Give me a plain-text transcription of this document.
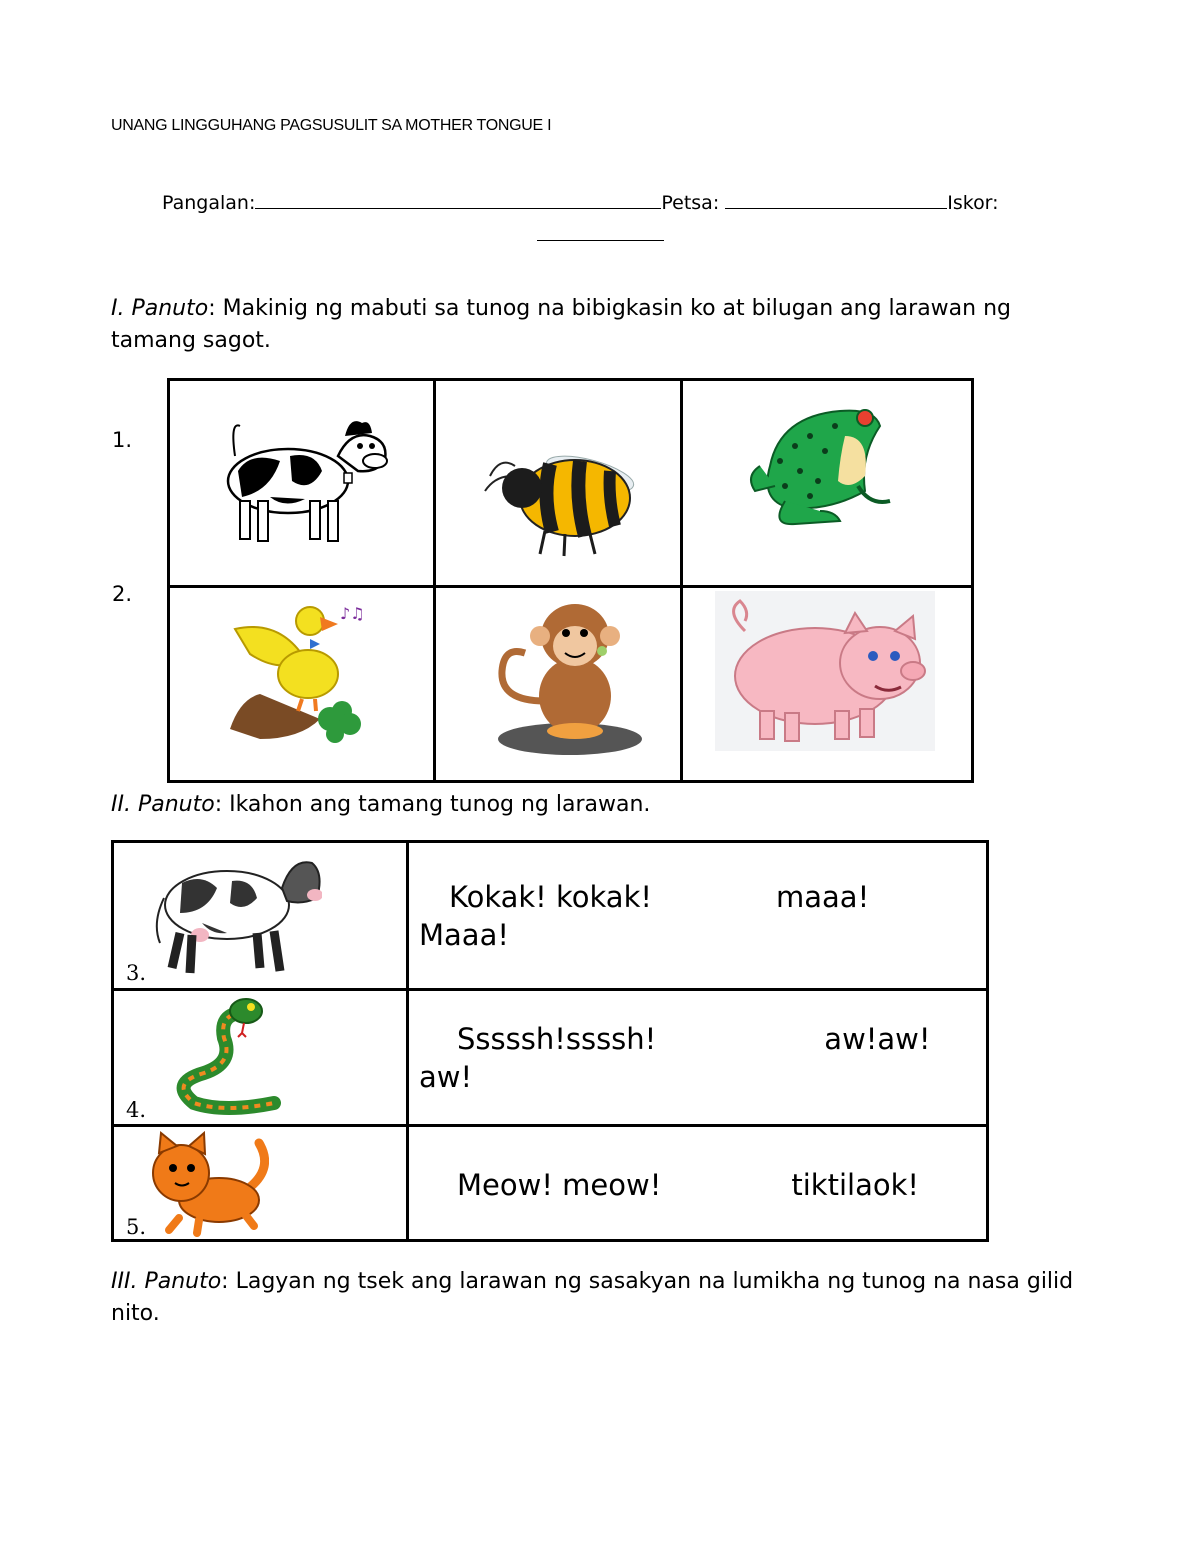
UNANG LINGGUHANG PAGSUSULIT SA MOTHER TONGUE I
Pangalan:	Petsa:	Iskor:
I. Panuto: Makinig ng mabuti sa tunog na bibigkasin ko at bilugan ang larawan ng tamang sagot.
1.
2.
♪♫
II. Panuto: Ikahon ang tamang tunog ng larawan.
3.
Kokak! kokak!	maaa!
Maaa!
4.
Sssssh!ssssh!	aw!aw!
aw!
5.
Meow! meow!	tiktilaok!
III. Panuto: Lagyan ng tsek ang larawan ng sasakyan na lumikha ng tunog na nasa gilid nito.
